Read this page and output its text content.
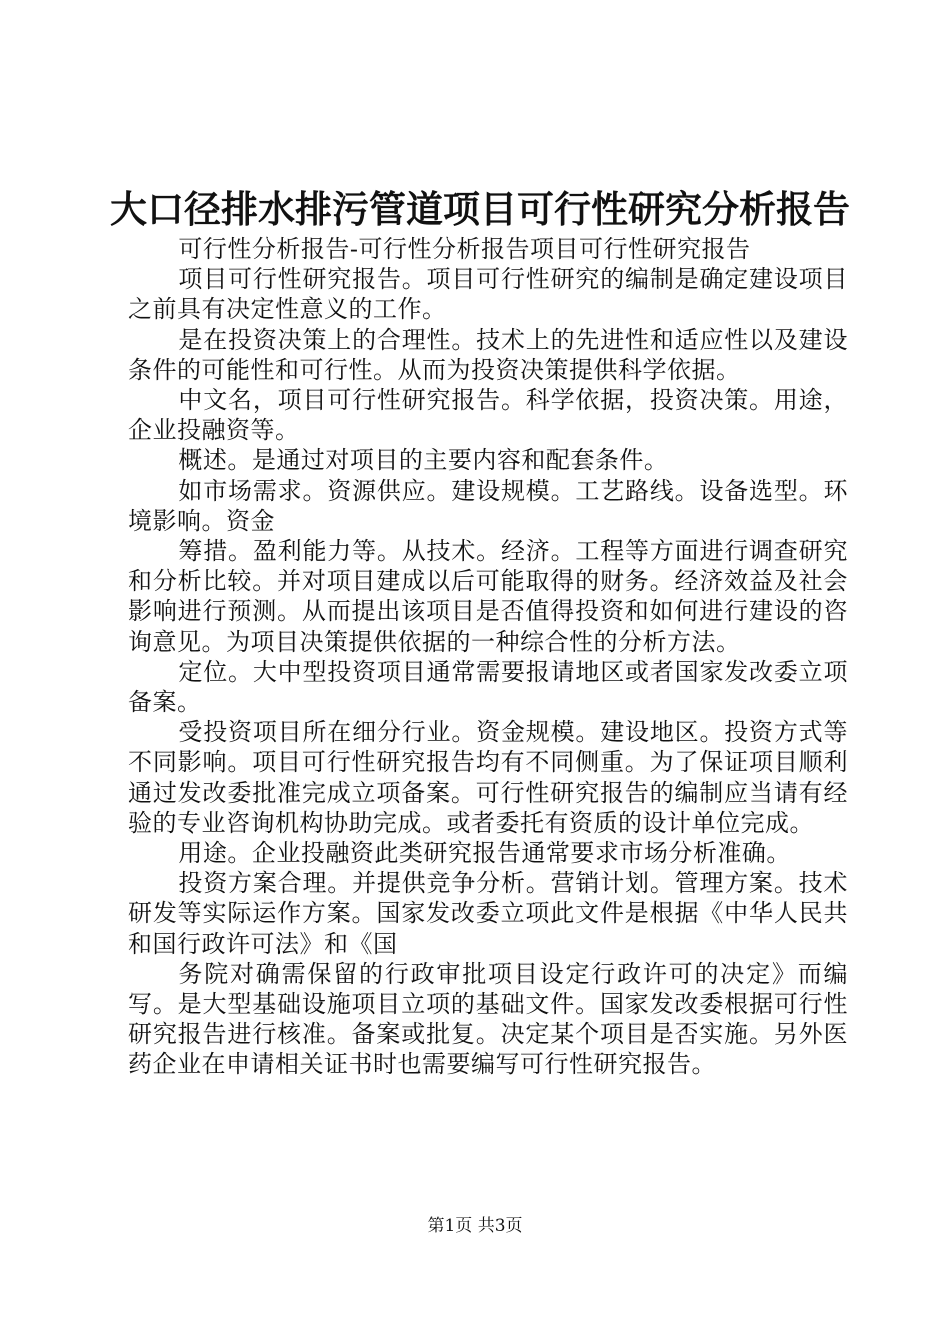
大口径排水排污管道项目可行性研究分析报告

可行性分析报告-可行性分析报告项目可行性研究报告

项目可行性研究报告。项目可行性研究的编制是确定建设项目之前具有决定性意义的工作。

是在投资决策上的合理性。技术上的先进性和适应性以及建设条件的可能性和可行性。从而为投资决策提供科学依据。

中文名，项目可行性研究报告。科学依据，投资决策。用途，企业投融资等。

概述。是通过对项目的主要内容和配套条件。

如市场需求。资源供应。建设规模。工艺路线。设备选型。环境影响。资金

筹措。盈利能力等。从技术。经济。工程等方面进行调查研究和分析比较。并对项目建成以后可能取得的财务。经济效益及社会影响进行预测。从而提出该项目是否值得投资和如何进行建设的咨询意见。为项目决策提供依据的一种综合性的分析方法。

定位。大中型投资项目通常需要报请地区或者国家发改委立项备案。

受投资项目所在细分行业。资金规模。建设地区。投资方式等不同影响。项目可行性研究报告均有不同侧重。为了保证项目顺利通过发改委批准完成立项备案。可行性研究报告的编制应当请有经验的专业咨询机构协助完成。或者委托有资质的设计单位完成。

用途。企业投融资此类研究报告通常要求市场分析准确。

投资方案合理。并提供竞争分析。营销计划。管理方案。技术研发等实际运作方案。国家发改委立项此文件是根据《中华人民共和国行政许可法》和《国

务院对确需保留的行政审批项目设定行政许可的决定》而编写。是大型基础设施项目立项的基础文件。国家发改委根据可行性研究报告进行核准。备案或批复。决定某个项目是否实施。另外医药企业在申请相关证书时也需要编写可行性研究报告。

第1页 共3页
